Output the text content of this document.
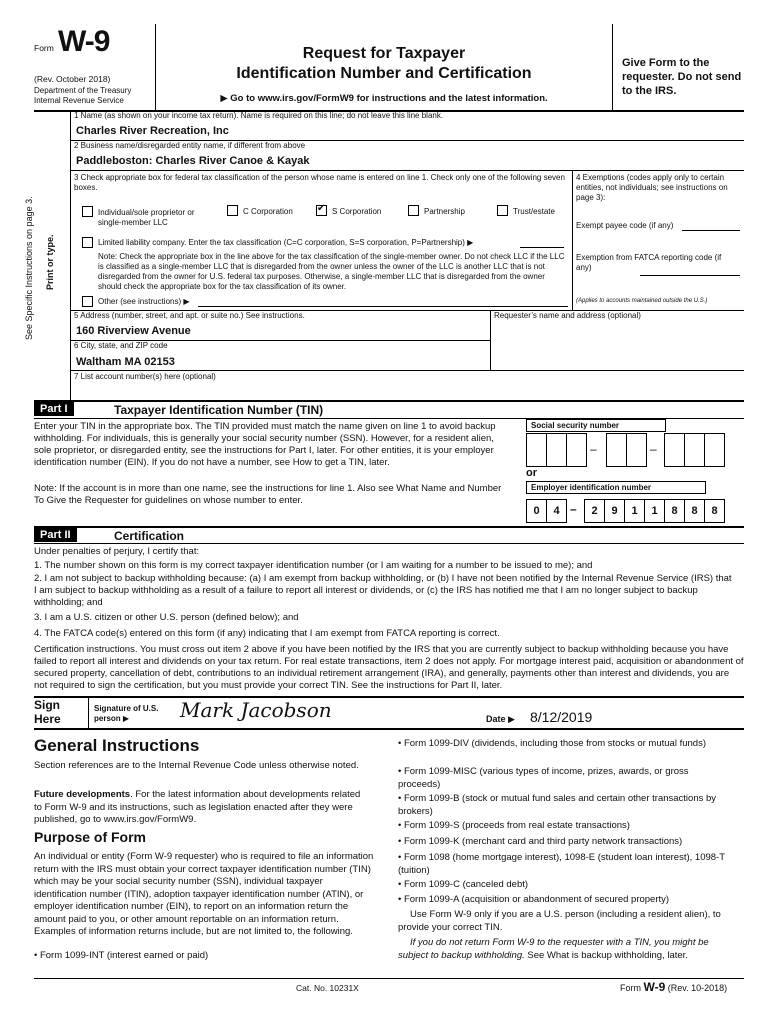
Form W-9
(Rev. October 2018)
Department of the Treasury
Internal Revenue Service
Request for Taxpayer
Identification Number and Certification
▶ Go to www.irs.gov/FormW9 for instructions and the latest information.
Give Form to the requester. Do not send to the IRS.
See Specific Instructions on page 3. Print or type.
1 Name (as shown on your income tax return). Name is required on this line; do not leave this line blank.
Charles River Recreation, Inc
2 Business name/disregarded entity name, if different from above
Paddleboston: Charles River Canoe & Kayak
3 Check appropriate box for federal tax classification of the person whose name is entered on line 1. Check only one of the following seven boxes.
Individual/sole proprietor or single-member LLC
C Corporation ✔	S Corporation	Partnership	Trust/estate
Limited liability company. Enter the tax classification (C=C corporation, S=S corporation, P=Partnership) ▶
Note: Check the appropriate box in the line above for the tax classification of the single-member owner. Do not check LLC if the LLC is classified as a single-member LLC that is disregarded from the owner unless the owner of the LLC is another LLC that is not disregarded from the owner for U.S. federal tax purposes. Otherwise, a single-member LLC that is disregarded from the owner should check the appropriate box for the tax classification of its owner.
Other (see instructions) ▶
4 Exemptions (codes apply only to certain entities, not individuals; see instructions on page 3):
Exempt payee code (if any)
Exemption from FATCA reporting code (if any)
(Applies to accounts maintained outside the U.S.)
5 Address (number, street, and apt. or suite no.) See instructions.	Requester’s name and address (optional)
160 Riverview Avenue
6 City, state, and ZIP code
Waltham MA 02153
7 List account number(s) here (optional)
Part I	Taxpayer Identification Number (TIN)
Enter your TIN in the appropriate box. The TIN provided must match the name given on line 1 to avoid backup withholding. For individuals, this is generally your social security number (SSN). However, for a resident alien, sole proprietor, or disregarded entity, see the instructions for Part I, later. For other entities, it is your employer identification number (EIN). If you do not have a number, see How to get a TIN, later.
Note: If the account is in more than one name, see the instructions for line 1. Also see What Name and Number To Give the Requester for guidelines on whose number to enter.
Social security number
–	–
or
Employer identification number
0	4 –	2	9	1	1	8	8	8
Part II	Certification
Under penalties of perjury, I certify that:
1. The number shown on this form is my correct taxpayer identification number (or I am waiting for a number to be issued to me); and
2. I am not subject to backup withholding because: (a) I am exempt from backup withholding, or (b) I have not been notified by the Internal Revenue Service (IRS) that I am subject to backup withholding as a result of a failure to report all interest or dividends, or (c) the IRS has notified me that I am no longer subject to backup withholding; and
3. I am a U.S. citizen or other U.S. person (defined below); and
4. The FATCA code(s) entered on this form (if any) indicating that I am exempt from FATCA reporting is correct.
Certification instructions. You must cross out item 2 above if you have been notified by the IRS that you are currently subject to backup withholding because you have failed to report all interest and dividends on your tax return. For real estate transactions, item 2 does not apply. For mortgage interest paid, acquisition or abandonment of secured property, cancellation of debt, contributions to an individual retirement arrangement (IRA), and generally, payments other than interest and dividends, you are not required to sign the certification, but you must provide your correct TIN. See the instructions for Part II, later.
Sign Here
Signature of U.S. person ▶	Mark Jacobson	Date ▶ 8/12/2019
General Instructions
Section references are to the Internal Revenue Code unless otherwise noted.
Future developments. For the latest information about developments related to Form W-9 and its instructions, such as legislation enacted after they were published, go to www.irs.gov/FormW9.
Purpose of Form
An individual or entity (Form W-9 requester) who is required to file an information return with the IRS must obtain your correct taxpayer identification number (TIN) which may be your social security number (SSN), individual taxpayer identification number (ITIN), adoption taxpayer identification number (ATIN), or employer identification number (EIN), to report on an information return the amount paid to you, or other amount reportable on an information return. Examples of information returns include, but are not limited to, the following.
• Form 1099-INT (interest earned or paid)
• Form 1099-DIV (dividends, including those from stocks or mutual funds)
• Form 1099-MISC (various types of income, prizes, awards, or gross proceeds)
• Form 1099-B (stock or mutual fund sales and certain other transactions by brokers)
• Form 1099-S (proceeds from real estate transactions)
• Form 1099-K (merchant card and third party network transactions)
• Form 1098 (home mortgage interest), 1098-E (student loan interest), 1098-T (tuition)
• Form 1099-C (canceled debt)
• Form 1099-A (acquisition or abandonment of secured property)
Use Form W-9 only if you are a U.S. person (including a resident alien), to provide your correct TIN.
If you do not return Form W-9 to the requester with a TIN, you might be subject to backup withholding. See What is backup withholding, later.
Cat. No. 10231X	Form W-9 (Rev. 10-2018)
